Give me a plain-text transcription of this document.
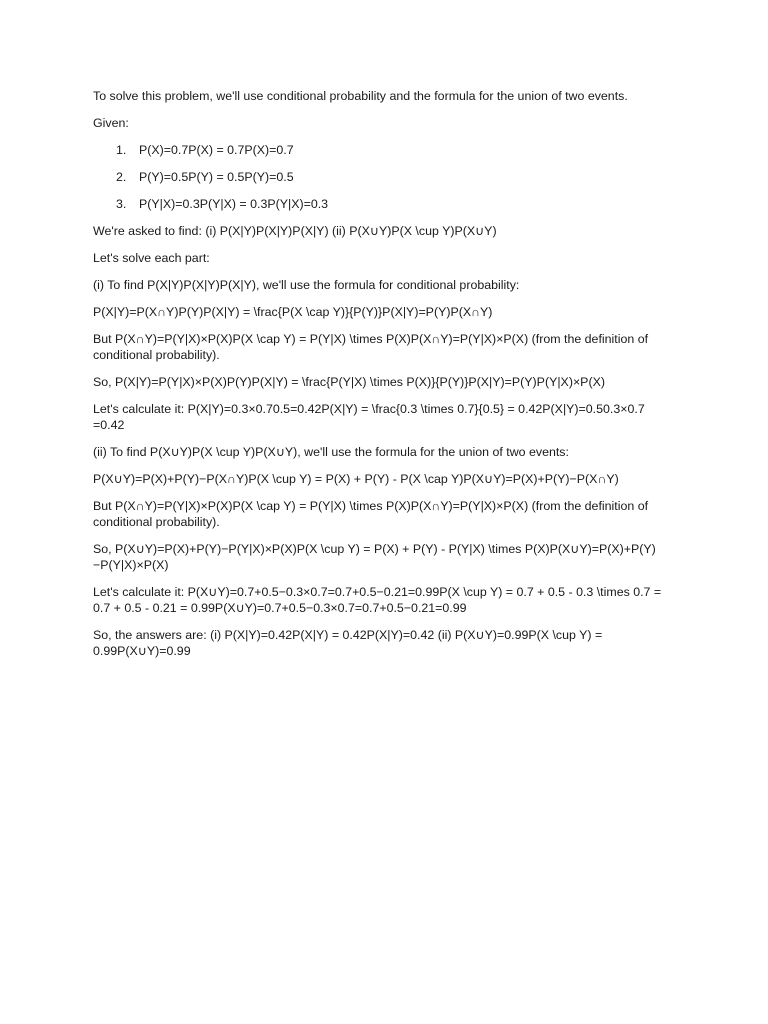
To solve this problem, we'll use conditional probability and the formula for the union of two events.

Given:

1. P(X)=0.7P(X) = 0.7P(X)=0.7
2. P(Y)=0.5P(Y) = 0.5P(Y)=0.5
3. P(Y|X)=0.3P(Y|X) = 0.3P(Y|X)=0.3

We're asked to find: (i) P(X|Y)P(X|Y)P(X|Y) (ii) P(X∪Y)P(X \cup Y)P(X∪Y)

Let's solve each part:

(i) To find P(X|Y)P(X|Y)P(X|Y), we'll use the formula for conditional probability:

P(X|Y)=P(X∩Y)P(Y)P(X|Y) = \frac{P(X \cap Y)}{P(Y)}P(X|Y)=P(Y)P(X∩Y)

But P(X∩Y)=P(Y|X)×P(X)P(X \cap Y) = P(Y|X) \times P(X)P(X∩Y)=P(Y|X)×P(X) (from the definition of conditional probability).

So, P(X|Y)=P(Y|X)×P(X)P(Y)P(X|Y) = \frac{P(Y|X) \times P(X)}{P(Y)}P(X|Y)=P(Y)P(Y|X)×P(X)

Let's calculate it: P(X|Y)=0.3×0.70.5=0.42P(X|Y) = \frac{0.3 \times 0.7}{0.5} = 0.42P(X|Y)=0.50.3×0.7 =0.42

(ii) To find P(X∪Y)P(X \cup Y)P(X∪Y), we'll use the formula for the union of two events:

P(X∪Y)=P(X)+P(Y)−P(X∩Y)P(X \cup Y) = P(X) + P(Y) - P(X \cap Y)P(X∪Y)=P(X)+P(Y)−P(X∩Y)

But P(X∩Y)=P(Y|X)×P(X)P(X \cap Y) = P(Y|X) \times P(X)P(X∩Y)=P(Y|X)×P(X) (from the definition of conditional probability).

So, P(X∪Y)=P(X)+P(Y)−P(Y|X)×P(X)P(X \cup Y) = P(X) + P(Y) - P(Y|X) \times P(X)P(X∪Y)=P(X)+P(Y)−P(Y|X)×P(X)

Let's calculate it: P(X∪Y)=0.7+0.5−0.3×0.7=0.7+0.5−0.21=0.99P(X \cup Y) = 0.7 + 0.5 - 0.3 \times 0.7 = 0.7 + 0.5 - 0.21 = 0.99P(X∪Y)=0.7+0.5−0.3×0.7=0.7+0.5−0.21=0.99

So, the answers are: (i) P(X|Y)=0.42P(X|Y) = 0.42P(X|Y)=0.42 (ii) P(X∪Y)=0.99P(X \cup Y) = 0.99P(X∪Y)=0.99
